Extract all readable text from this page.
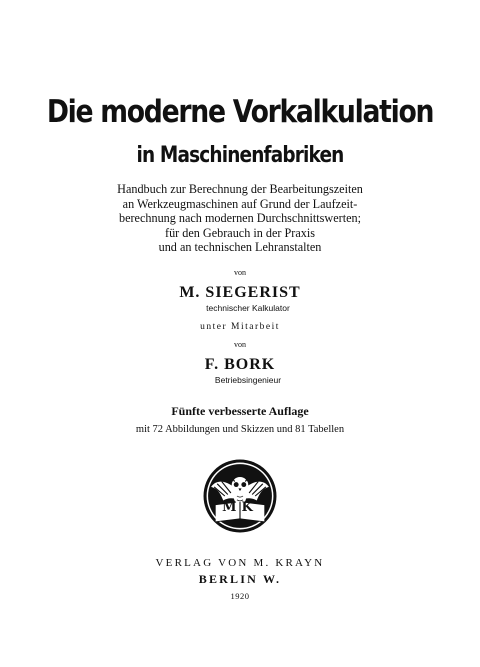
Die moderne Vorkalkulation
in Maschinenfabriken
Handbuch zur Berechnung der Bearbeitungszeiten
an Werkzeugmaschinen auf Grund der Laufzeit-
berechnung nach modernen Durchschnittswerten;
für den Gebrauch in der Praxis
und an technischen Lehranstalten
von
M. SIEGERIST
technischer Kalkulator
unter Mitarbeit
von
F. BORK
Betriebsingenieur
Fünfte verbesserte Auflage
mit 72 Abbildungen und Skizzen und 81 Tabellen
MK
VERLAG VON M. KRAYN
BERLIN W.
1920
